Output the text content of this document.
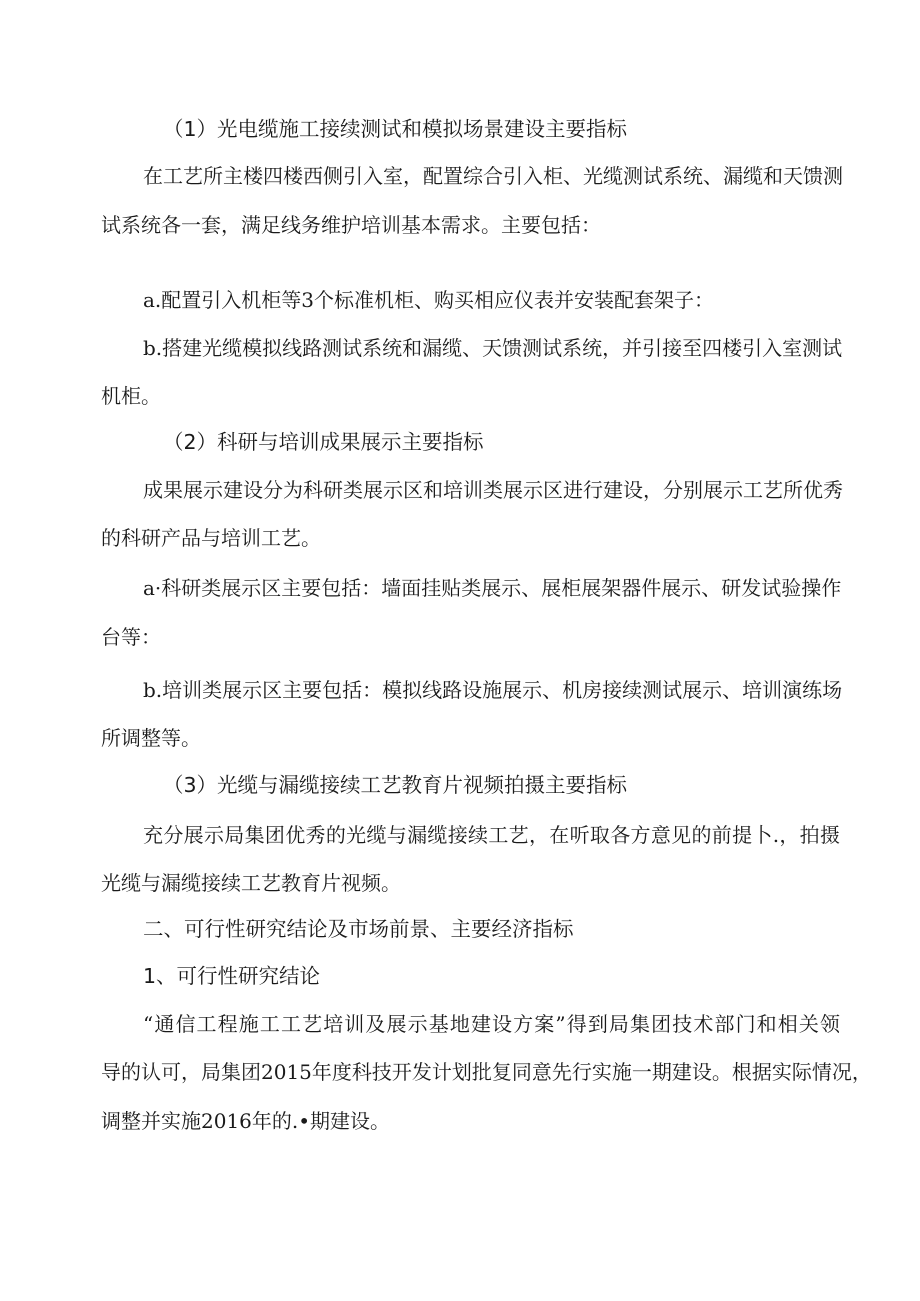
（1）光电缆施工接续测试和模拟场景建设主要指标
在工艺所主楼四楼西侧引入室，配置综合引入柜、光缆测试系统、漏缆和天馈测
试系统各一套，满足线务维护培训基本需求。主要包括：
a.配置引入机柜等3个标准机柜、购买相应仪表并安装配套架子：
b.搭建光缆模拟线路测试系统和漏缆、天馈测试系统，并引接至四楼引入室测试
机柜。
（2）科研与培训成果展示主要指标
成果展示建设分为科研类展示区和培训类展示区进行建设，分别展示工艺所优秀
的科研产品与培训工艺。
a·科研类展示区主要包括：墙面挂贴类展示、展柜展架器件展示、研发试验操作
台等：
b.培训类展示区主要包括：模拟线路设施展示、机房接续测试展示、培训演练场
所调整等。
（3）光缆与漏缆接续工艺教育片视频拍摄主要指标
充分展示局集团优秀的光缆与漏缆接续工艺，在听取各方意见的前提卜.，拍摄
光缆与漏缆接续工艺教育片视频。
二、可行性研究结论及市场前景、主要经济指标
1、可行性研究结论
“通信工程施工工艺培训及展示基地建设方案”得到局集团技术部门和相关领
导的认可，局集团2015年度科技开发计划批复同意先行实施一期建设。根据实际情况，
调整并实施2016年的.•期建设。
